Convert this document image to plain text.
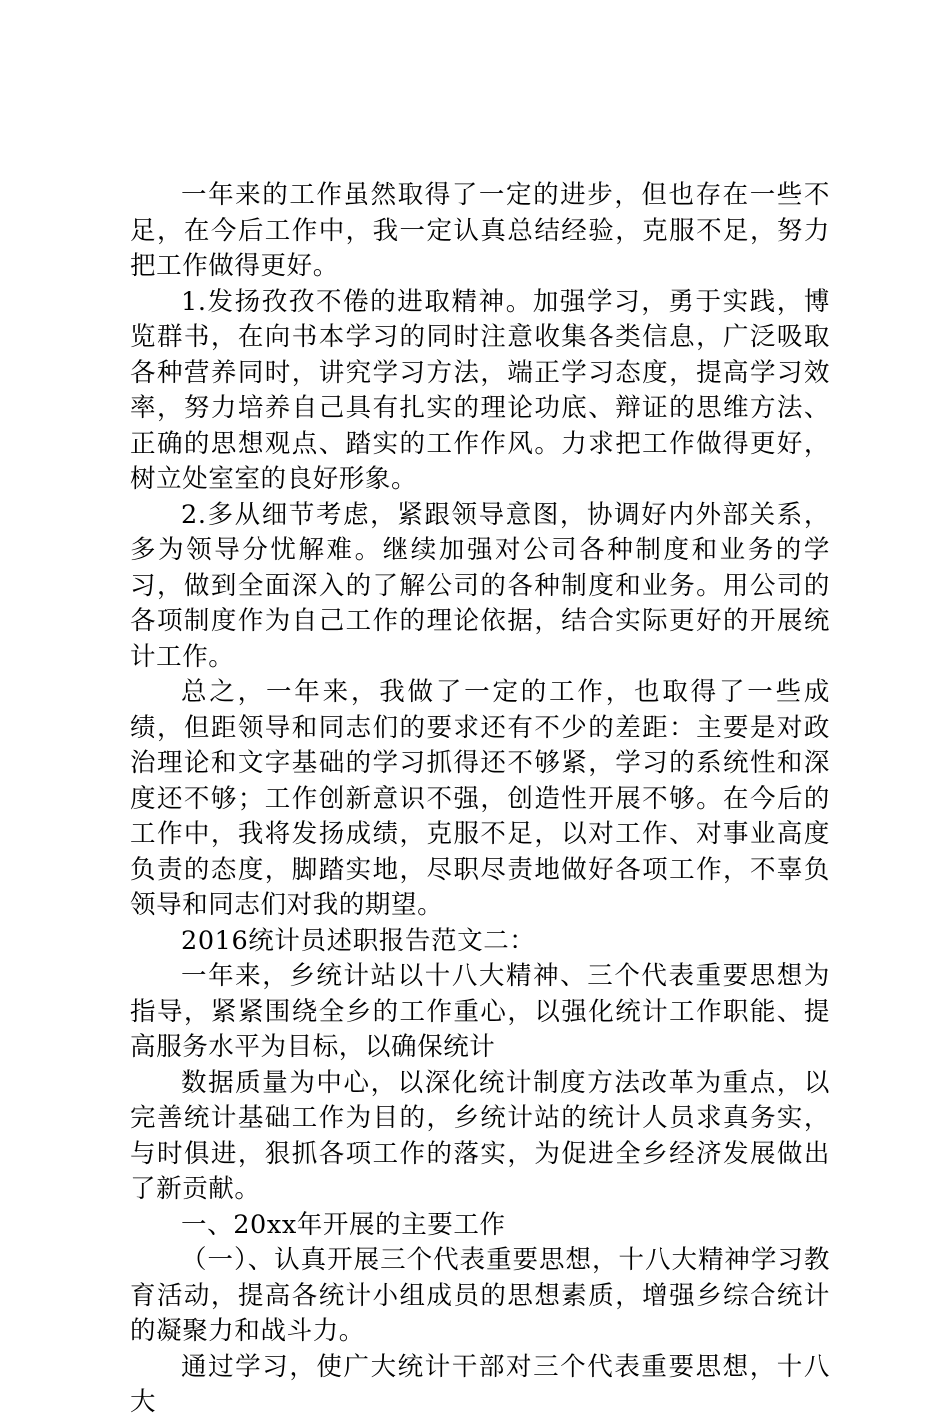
一年来的工作虽然取得了一定的进步，但也存在一些不足，在今后工作中，我一定认真总结经验，克服不足，努力把工作做得更好。

1.发扬孜孜不倦的进取精神。加强学习，勇于实践，博览群书，在向书本学习的同时注意收集各类信息，广泛吸取各种营养同时，讲究学习方法，端正学习态度，提高学习效率，努力培养自己具有扎实的理论功底、辩证的思维方法、正确的思想观点、踏实的工作作风。力求把工作做得更好，树立处室室的良好形象。

2.多从细节考虑，紧跟领导意图，协调好内外部关系，多为领导分忧解难。继续加强对公司各种制度和业务的学习，做到全面深入的了解公司的各种制度和业务。用公司的各项制度作为自己工作的理论依据，结合实际更好的开展统计工作。

总之，一年来，我做了一定的工作，也取得了一些成绩，但距领导和同志们的要求还有不少的差距：主要是对政治理论和文字基础的学习抓得还不够紧，学习的系统性和深度还不够；工作创新意识不强，创造性开展不够。在今后的工作中，我将发扬成绩，克服不足，以对工作、对事业高度负责的态度，脚踏实地，尽职尽责地做好各项工作，不辜负领导和同志们对我的期望。

2016统计员述职报告范文二：

一年来，乡统计站以十八大精神、三个代表重要思想为指导，紧紧围绕全乡的工作重心，以强化统计工作职能、提高服务水平为目标，以确保统计

数据质量为中心，以深化统计制度方法改革为重点，以完善统计基础工作为目的，乡统计站的统计人员求真务实，与时俱进，狠抓各项工作的落实，为促进全乡经济发展做出了新贡献。

一、20xx年开展的主要工作

（一）、认真开展三个代表重要思想，十八大精神学习教育活动，提高各统计小组成员的思想素质，增强乡综合统计的凝聚力和战斗力。

通过学习，使广大统计干部对三个代表重要思想，十八大
